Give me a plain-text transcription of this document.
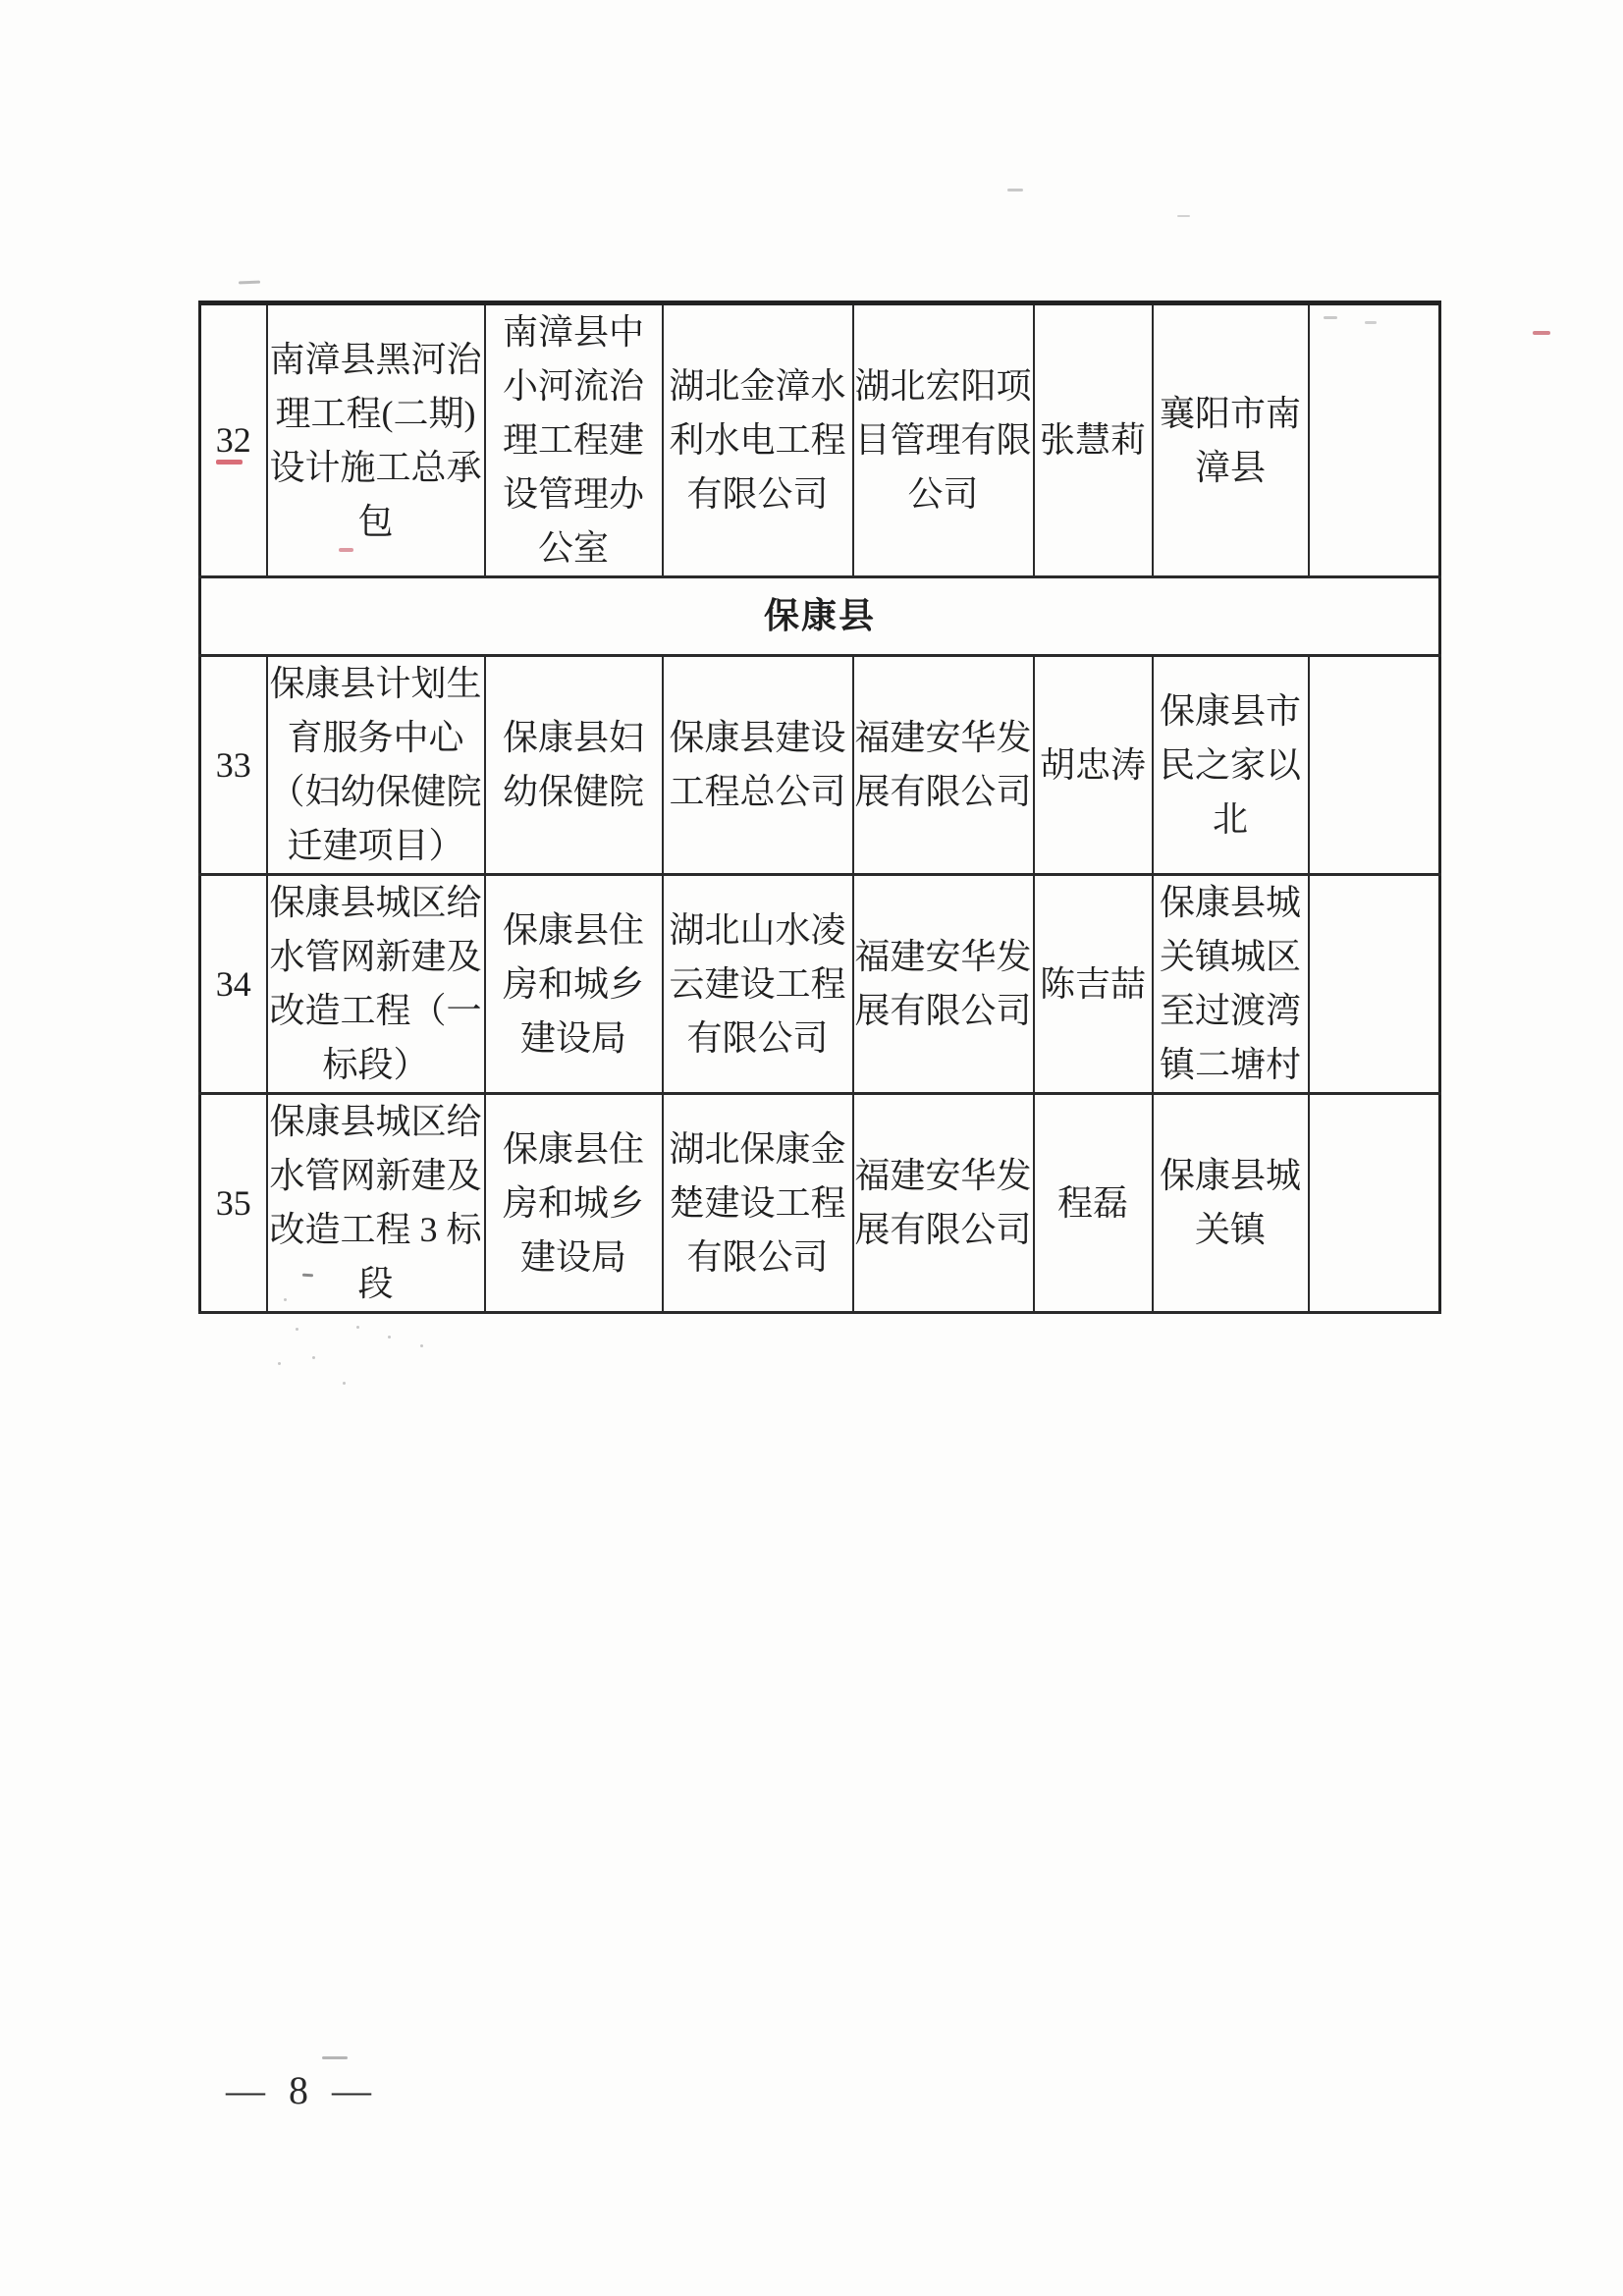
32	南漳县黑河治理工程(二期)设计施工总承包	南漳县中小河流治理工程建设管理办公室	湖北金漳水利水电工程有限公司	湖北宏阳项目管理有限公司	张慧莉	襄阳市南漳县	
保康县							
33	保康县计划生育服务中心（妇幼保健院迁建项目）	保康县妇幼保健院	保康县建设工程总公司	福建安华发展有限公司	胡忠涛	保康县市民之家以北	
34	保康县城区给水管网新建及改造工程（一标段）	保康县住房和城乡建设局	湖北山水凌云建设工程有限公司	福建安华发展有限公司	陈吉喆	保康县城关镇城区至过渡湾镇二塘村	
35	保康县城区给水管网新建及改造工程 3 标段	保康县住房和城乡建设局	湖北保康金楚建设工程有限公司	福建安华发展有限公司	程磊	保康县城关镇	
— 8 —
